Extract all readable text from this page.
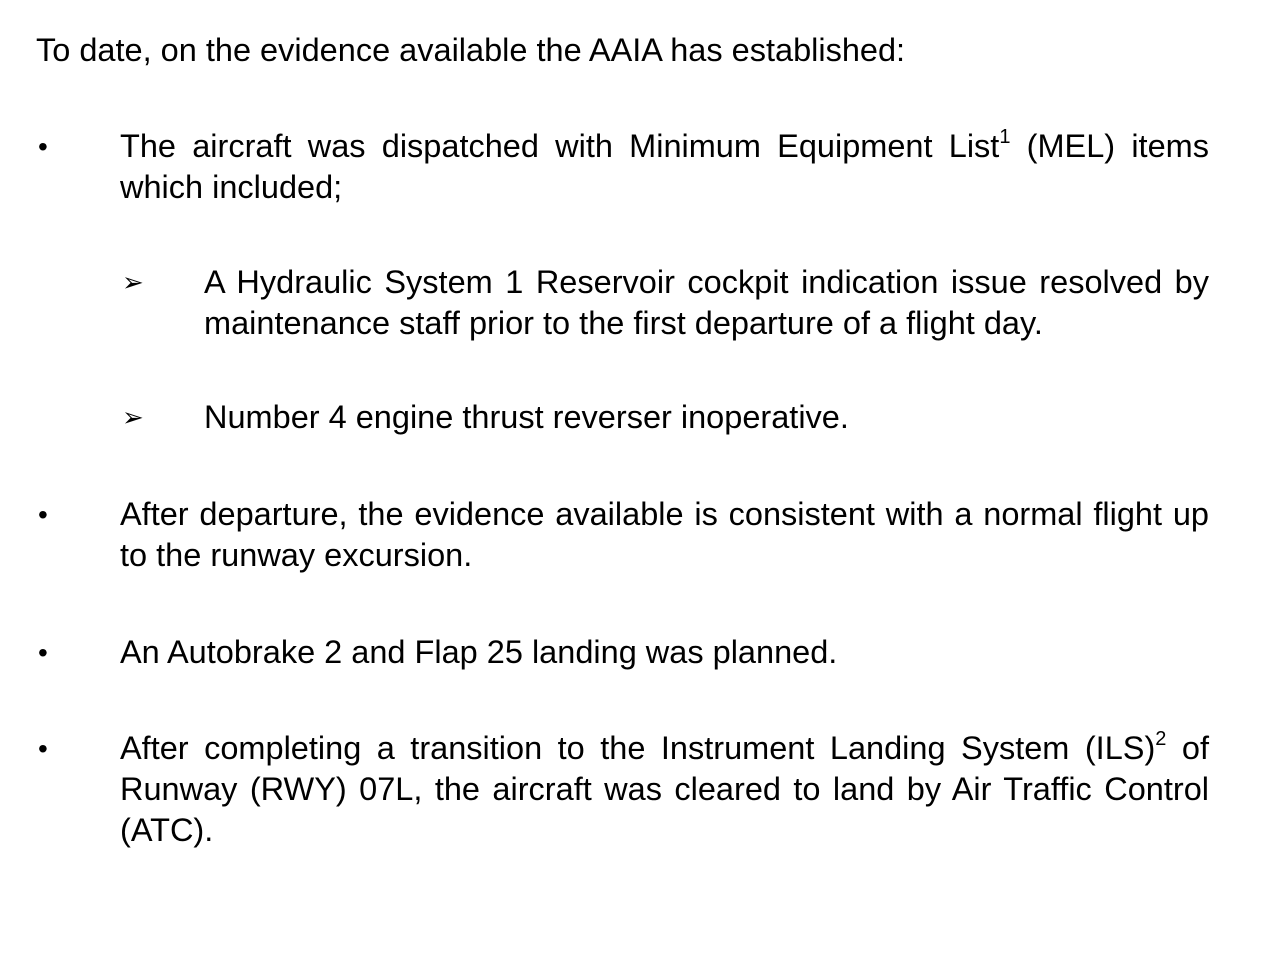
To date, on the evidence available the AAIA has established:
• The aircraft was dispatched with Minimum Equipment List$^1$ (MEL) items which included;
➢ A Hydraulic System 1 Reservoir cockpit indication issue resolved by maintenance staff prior to the first departure of a flight day.
➢ Number 4 engine thrust reverser inoperative.
• After departure, the evidence available is consistent with a normal flight up to the runway excursion.
• An Autobrake 2 and Flap 25 landing was planned.
• After completing a transition to the Instrument Landing System (ILS)$^2$ of Runway (RWY) 07L, the aircraft was cleared to land by Air Traffic Control (ATC).
